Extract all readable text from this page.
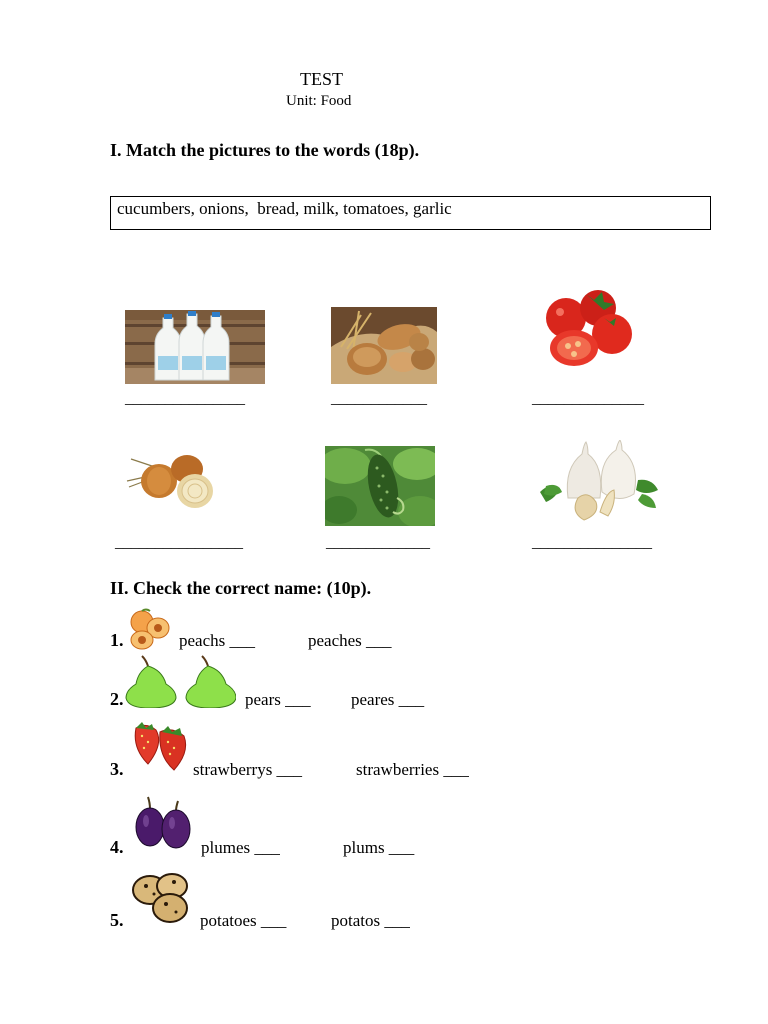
TEST
Unit: Food
I. Match the pictures to the words (18p).
cucumbers, onions,  bread, milk, tomatoes, garlic
_______________	____________	______________
________________	_____________	_______________
II. Check the correct name: (10p).
1.	peachs ___	peaches ___
2.	pears ___ peares ___
3.	strawberrys ___	strawberries ___
4.	plumes ___	plums ___
5.	potatoes ___	potatos ___
